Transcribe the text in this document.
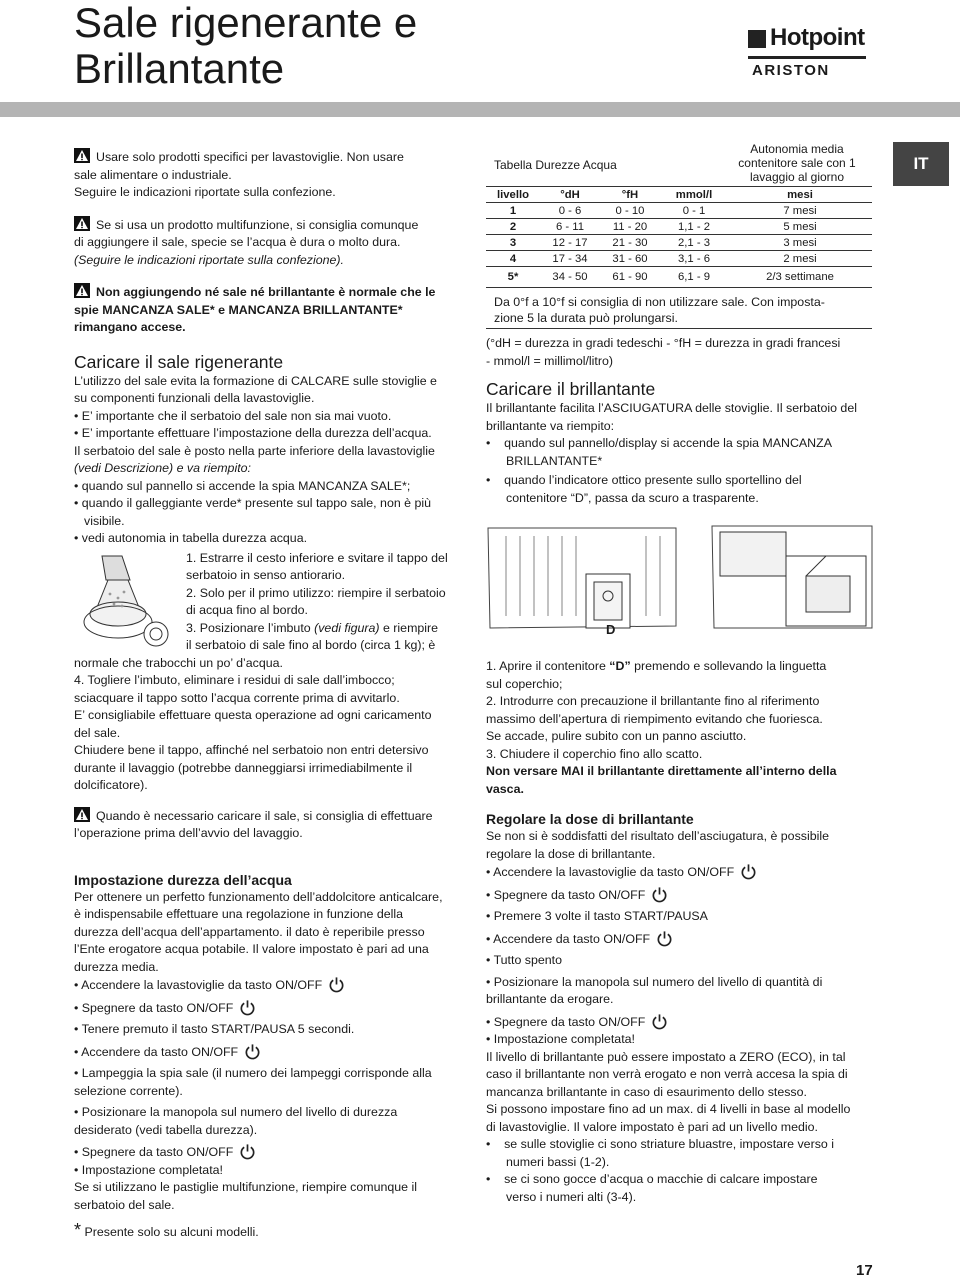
Sale rigenerante e
Brillantante
Hotpoint
ARISTON
IT

Usare solo prodotti specifici per lavastoviglie. Non usare
sale alimentare o industriale.
Seguire le indicazioni riportate sulla confezione.

Se si usa un prodotto multifunzione, si consiglia comunque
di aggiungere il sale, specie se l’acqua è dura o molto dura.
(Seguire le indicazioni riportate sulla confezione).

Non aggiungendo né sale né brillantante è normale che le
spie MANCANZA SALE* e MANCANZA BRILLANTANTE*
rimangano accese.

Caricare il sale rigenerante

L’utilizzo del sale evita la formazione di CALCARE sulle stoviglie e
su componenti funzionali della lavastoviglie.

• E’ importante che il serbatoio del sale non sia mai vuoto.

• E’ importante effettuare l’impostazione della durezza dell’acqua.

Il serbatoio del sale è posto nella parte inferiore della lavastoviglie
(vedi Descrizione) e va riempito:

• quando sul pannello si accende la spia MANCANZA SALE*;

• quando il galleggiante verde* presente sul tappo sale, non è più
visibile.

• vedi autonomia in tabella durezza acqua.

1. Estrarre il cesto inferiore e svitare il tappo del

serbatoio in senso antiorario.

2. Solo per il primo utilizzo: riempire il serbatoio

di acqua fino al bordo.

3. Posizionare l’imbuto (vedi figura) e riempire

il serbatoio di sale fino al bordo (circa 1 kg); è

normale che trabocchi un po’ d’acqua.

4. Togliere l’imbuto, eliminare i residui di sale dall’imbocco;

sciacquare il tappo sotto l’acqua corrente prima di avvitarlo.

E’ consigliabile effettuare questa operazione ad ogni caricamento

del sale.

Chiudere bene il tappo, affinché nel serbatoio non entri detersivo

durante il lavaggio (potrebbe danneggiarsi irrimediabilmente il

dolcificatore).

Quando è necessario caricare il sale, si consiglia di effettuare
l’operazione prima dell’avvio del lavaggio.

Impostazione durezza dell’acqua

Per ottenere un perfetto funzionamento dell’addolcitore anticalcare,

è indispensabile effettuare una regolazione in funzione della

durezza dell’acqua dell’appartamento. il dato è reperibile presso

l’Ente erogatore acqua potabile. Il valore impostato è pari ad una

durezza media.

• Accendere la lavastoviglie da tasto ON/OFF

• Spegnere da tasto ON/OFF

• Tenere premuto il tasto START/PAUSA 5 secondi.

• Accendere da tasto ON/OFF

• Lampeggia la spia sale (il numero dei lampeggi corrisponde alla
selezione corrente).

• Posizionare la manopola sul numero del livello di durezza
desiderato (vedi tabella durezza).

• Spegnere da tasto ON/OFF

• Impostazione completata!

Se si utilizzano le pastiglie multifunzione, riempire comunque il

serbatoio del sale.

* Presente solo su alcuni modelli.

Tabella Durezze Acqua
Autonomia media
contenitore sale con 1
lavaggio al giorno
livello	°dH	°fH	mmol/l	mesi
1	0 - 6	0 - 10	0 - 1	7 mesi
2	6 - 11	11 - 20	1,1 - 2	5 mesi
3	12 - 17	21 - 30	2,1 - 3	3 mesi
4	17 - 34	31 - 60	3,1 - 6	2 mesi
5*	34 - 50	61 - 90	6,1 - 9	2/3 settimane
Da 0°f a 10°f si consiglia di non utilizzare sale. Con imposta-
zione 5 la durata può prolungarsi.

(°dH = durezza in gradi tedeschi - °fH = durezza in gradi francesi

- mmol/l = millimol/litro)

Caricare il brillantante

Il brillantante facilita l’ASCIUGATURA delle stoviglie. Il serbatoio del

brillantante va riempito:

•    quando sul pannello/display si accende la spia MANCANZA
BRILLANTANTE*

•    quando l’indicatore ottico presente sullo sportellino del
contenitore “D”, passa da scuro a trasparente.

D

1. Aprire il contenitore “D” premendo e sollevando la linguetta

sul coperchio;

2. Introdurre con precauzione il brillantante fino al riferimento

massimo dell’apertura di riempimento evitando che fuoriesca.

Se accade, pulire subito con un panno asciutto.

3. Chiudere il coperchio fino allo scatto.

Non versare MAI il brillantante direttamente all’interno della
vasca.

Regolare la dose di brillantante

Se non si è soddisfatti del risultato dell’asciugatura, è possibile

regolare la dose di brillantante.

• Accendere la lavastoviglie da tasto ON/OFF

• Spegnere da tasto ON/OFF

• Premere 3 volte il tasto START/PAUSA

• Accendere da tasto ON/OFF

• Tutto spento

• Posizionare la manopola sul numero del livello di quantità di
brillantante da erogare.

• Spegnere da tasto ON/OFF

• Impostazione completata!

Il livello di brillantante può essere impostato a ZERO (ECO), in tal

caso il brillantante non verrà erogato e non verrà accesa la spia di

mancanza brillantante in caso di esaurimento dello stesso.

Si possono impostare fino ad un max. di 4 livelli in base al modello

di lavastoviglie. Il valore impostato è pari ad un livello medio.

•    se sulle stoviglie ci sono striature bluastre, impostare verso i
numeri bassi (1-2).

•    se ci sono gocce d’acqua o macchie di calcare impostare
verso i numeri alti (3-4).

17
